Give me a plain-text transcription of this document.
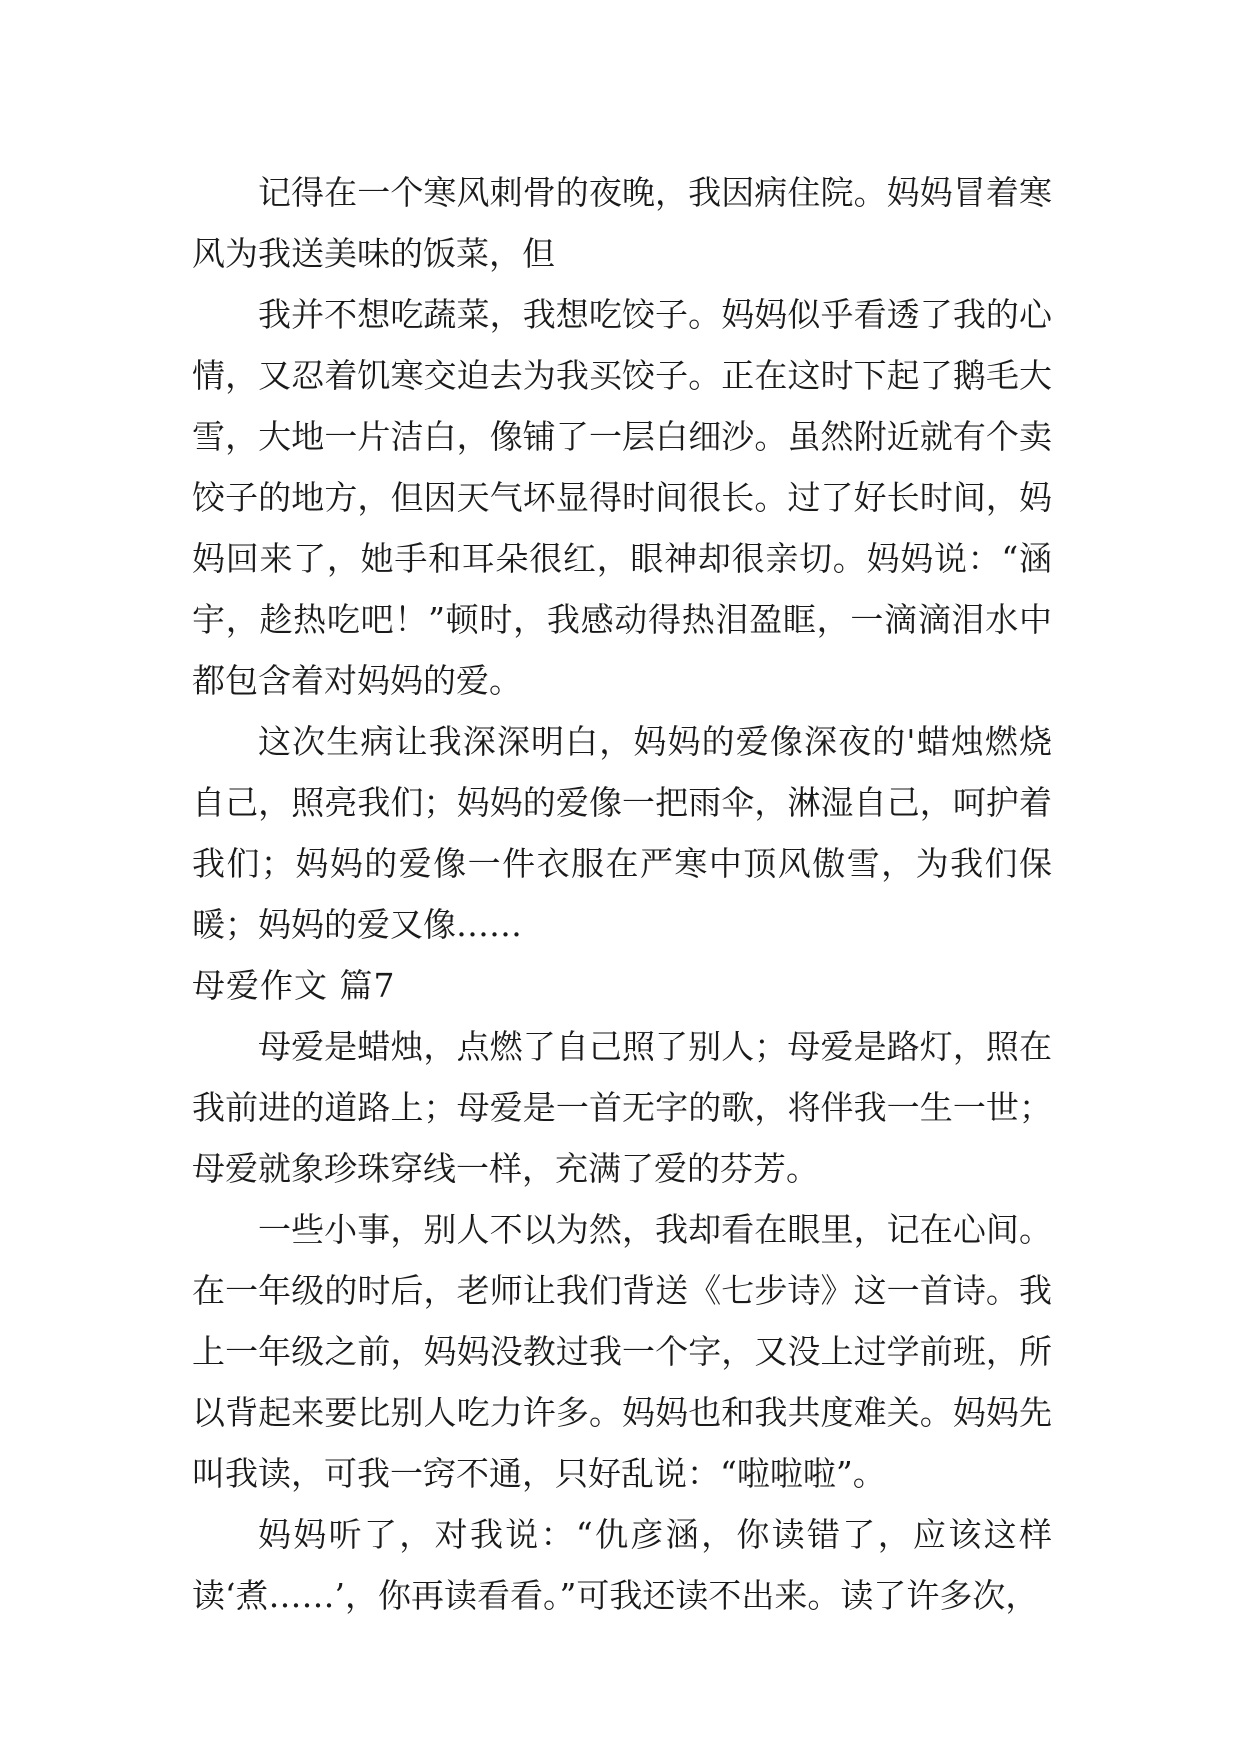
记得在一个寒风刺骨的夜晚，我因病住院。妈妈冒着寒风为我送美味的饭菜，但

我并不想吃蔬菜，我想吃饺子。妈妈似乎看透了我的心情，又忍着饥寒交迫去为我买饺子。正在这时下起了鹅毛大雪，大地一片洁白，像铺了一层白细沙。虽然附近就有个卖饺子的地方，但因天气坏显得时间很长。过了好长时间，妈妈回来了，她手和耳朵很红，眼神却很亲切。妈妈说：“涵宇，趁热吃吧！”顿时，我感动得热泪盈眶，一滴滴泪水中都包含着对妈妈的爱。

这次生病让我深深明白，妈妈的爱像深夜的'蜡烛燃烧自己，照亮我们；妈妈的爱像一把雨伞，淋湿自己，呵护着我们；妈妈的爱像一件衣服在严寒中顶风傲雪，为我们保暖；妈妈的爱又像……

母爱作文 篇7

母爱是蜡烛，点燃了自己照了别人；母爱是路灯，照在我前进的道路上；母爱是一首无字的歌，将伴我一生一世；母爱就象珍珠穿线一样，充满了爱的芬芳。

一些小事，别人不以为然，我却看在眼里，记在心间。在一年级的时后，老师让我们背送《七步诗》这一首诗。我上一年级之前，妈妈没教过我一个字，又没上过学前班，所以背起来要比别人吃力许多。妈妈也和我共度难关。妈妈先叫我读，可我一窍不通，只好乱说：“啦啦啦”。

妈妈听了，对我说：“仇彦涵，你读错了，应该这样读‘煮……’，你再读看看。”可我还读不出来。读了许多次，
